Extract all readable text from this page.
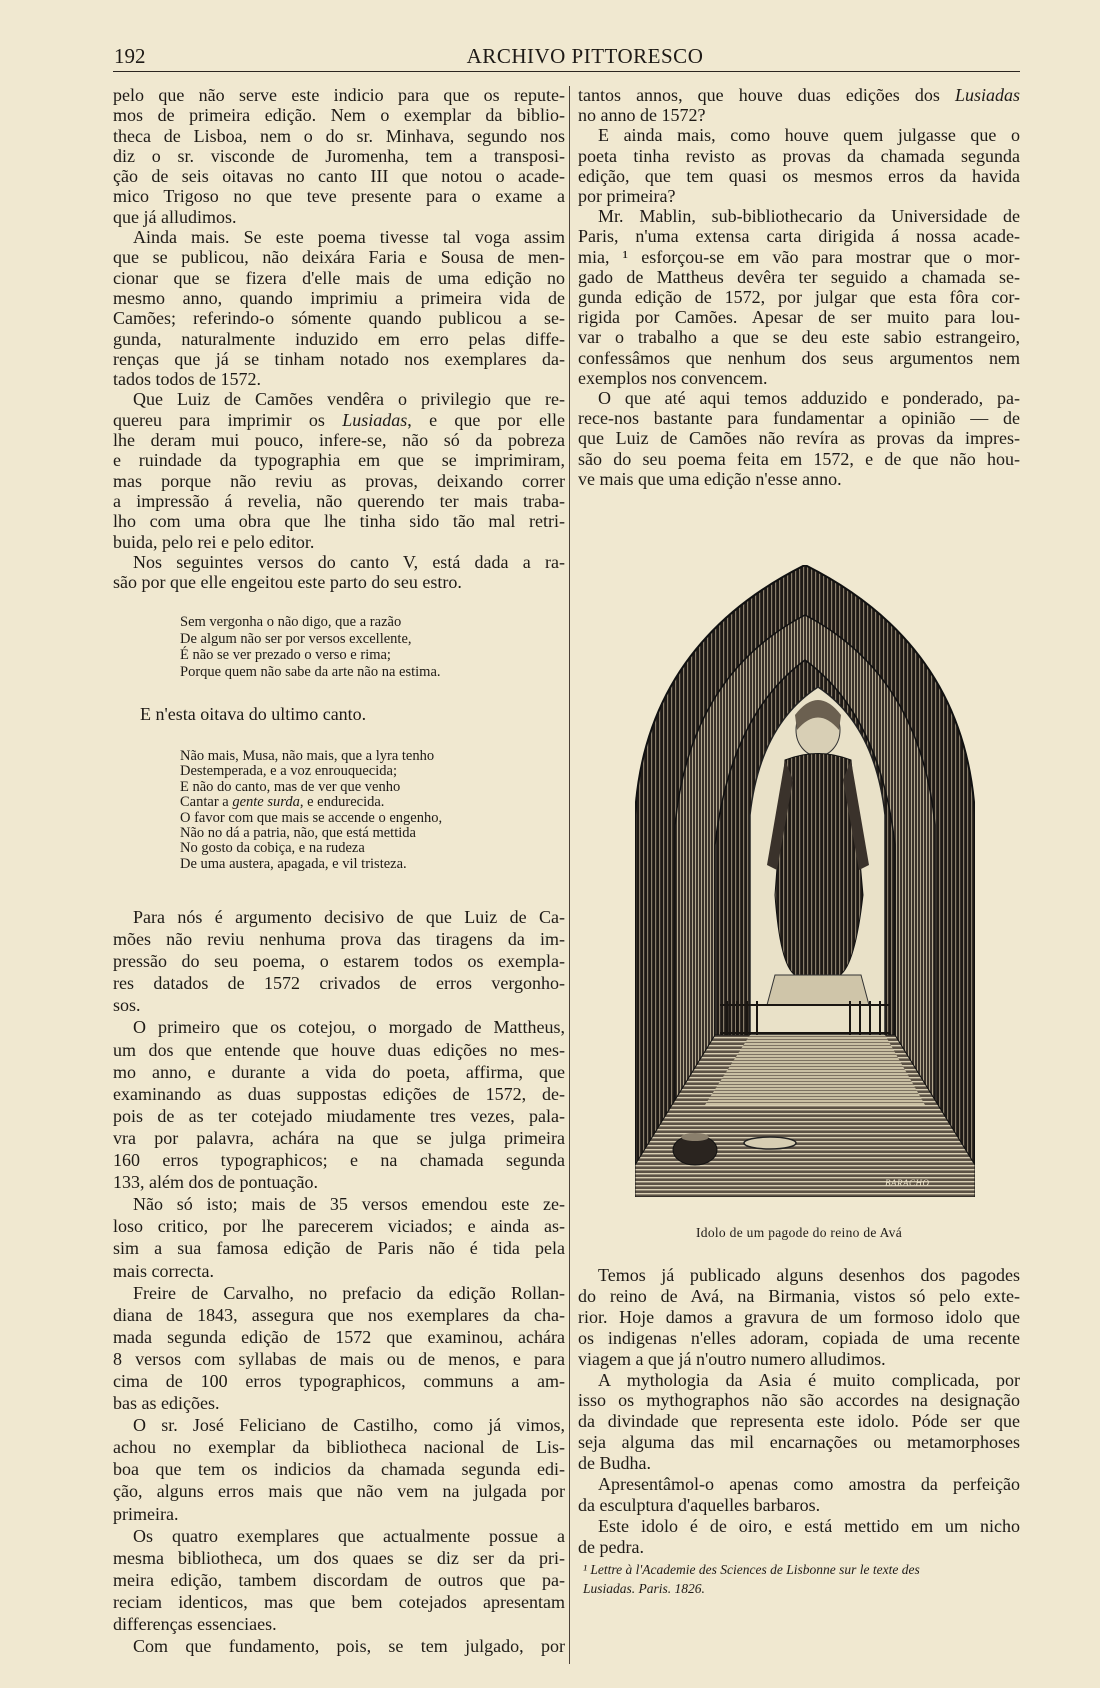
192	ARCHIVO PITTORESCO
pelo que não serve este indicio para que os repute-
mos de primeira edição. Nem o exemplar da biblio-
theca de Lisboa, nem o do sr. Minhava, segundo nos
diz o sr. visconde de Juromenha, tem a transposi-
ção de seis oitavas no canto III que notou o acade-
mico Trigoso no que teve presente para o exame a
que já alludimos.
Ainda mais. Se este poema tivesse tal voga assim
que se publicou, não deixára Faria e Sousa de men-
cionar que se fizera d'elle mais de uma edição no
mesmo anno, quando imprimiu a primeira vida de
Camões; referindo-o sómente quando publicou a se-
gunda, naturalmente induzido em erro pelas diffe-
renças que já se tinham notado nos exemplares da-
tados todos de 1572.
Que Luiz de Camões vendêra o privilegio que re-
quereu para imprimir os Lusiadas, e que por elle
lhe deram mui pouco, infere-se, não só da pobreza
e ruindade da typographia em que se imprimiram,
mas porque não reviu as provas, deixando correr
a impressão á revelia, não querendo ter mais traba-
lho com uma obra que lhe tinha sido tão mal retri-
buida, pelo rei e pelo editor.
Nos seguintes versos do canto V, está dada a ra-
são por que elle engeitou este parto do seu estro.
Sem vergonha o não digo, que a razão
De algum não ser por versos excellente,
É não se ver prezado o verso e rima;
Porque quem não sabe da arte não na estima.
E n'esta oitava do ultimo canto.
Não mais, Musa, não mais, que a lyra tenho
Destemperada, e a voz enrouquecida;
E não do canto, mas de ver que venho
Cantar a gente surda, e endurecida.
O favor com que mais se accende o engenho,
Não no dá a patria, não, que está mettida
No gosto da cobiça, e na rudeza
De uma austera, apagada, e vil tristeza.
Para nós é argumento decisivo de que Luiz de Ca-
mões não reviu nenhuma prova das tiragens da im-
pressão do seu poema, o estarem todos os exempla-
res datados de 1572 crivados de erros vergonho-
sos.
O primeiro que os cotejou, o morgado de Mattheus,
um dos que entende que houve duas edições no mes-
mo anno, e durante a vida do poeta, affirma, que
examinando as duas suppostas edições de 1572, de-
pois de as ter cotejado miudamente tres vezes, pala-
vra por palavra, achára na que se julga primeira
160 erros typographicos; e na chamada segunda
133, além dos de pontuação.
Não só isto; mais de 35 versos emendou este ze-
loso critico, por lhe parecerem viciados; e ainda as-
sim a sua famosa edição de Paris não é tida pela
mais correcta.
Freire de Carvalho, no prefacio da edição Rollan-
diana de 1843, assegura que nos exemplares da cha-
mada segunda edição de 1572 que examinou, achára
8 versos com syllabas de mais ou de menos, e para
cima de 100 erros typographicos, communs a am-
bas as edições.
O sr. José Feliciano de Castilho, como já vimos,
achou no exemplar da bibliotheca nacional de Lis-
boa que tem os indicios da chamada segunda edi-
ção, alguns erros mais que não vem na julgada por
primeira.
Os quatro exemplares que actualmente possue a
mesma bibliotheca, um dos quaes se diz ser da pri-
meira edição, tambem discordam de outros que pa-
reciam identicos, mas que bem cotejados apresentam
differenças essenciaes.
Com que fundamento, pois, se tem julgado, por
tantos annos, que houve duas edições dos Lusiadas
no anno de 1572?
E ainda mais, como houve quem julgasse que o
poeta tinha revisto as provas da chamada segunda
edição, que tem quasi os mesmos erros da havida
por primeira?
Mr. Mablin, sub-bibliothecario da Universidade de
Paris, n'uma extensa carta dirigida á nossa acade-
mia, ¹ esforçou-se em vão para mostrar que o mor-
gado de Mattheus devêra ter seguido a chamada se-
gunda edição de 1572, por julgar que esta fôra cor-
rigida por Camões. Apesar de ser muito para lou-
var o trabalho a que se deu este sabio estrangeiro,
confessâmos que nenhum dos seus argumentos nem
exemplos nos convencem.
O que até aqui temos adduzido e ponderado, pa-
rece-nos bastante para fundamentar a opinião — de
que Luiz de Camões não revíra as provas da impres-
são do seu poema feita em 1572, e de que não hou-
ve mais que uma edição n'esse anno.
BARACHO
Idolo de um pagode do reino de Avá
Temos já publicado alguns desenhos dos pagodes
do reino de Avá, na Birmania, vistos só pelo exte-
rior. Hoje damos a gravura de um formoso idolo que
os indigenas n'elles adoram, copiada de uma recente
viagem a que já n'outro numero alludimos.
A mythologia da Asia é muito complicada, por
isso os mythographos não são accordes na designação
da divindade que representa este idolo. Póde ser que
seja alguma das mil encarnações ou metamorphoses
de Budha.
Apresentâmol-o apenas como amostra da perfeição
da esculptura d'aquelles barbaros.
Este idolo é de oiro, e está mettido em um nicho
de pedra.
¹ Lettre à l'Academie des Sciences de Lisbonne sur le texte des
Lusiadas. Paris. 1826.
